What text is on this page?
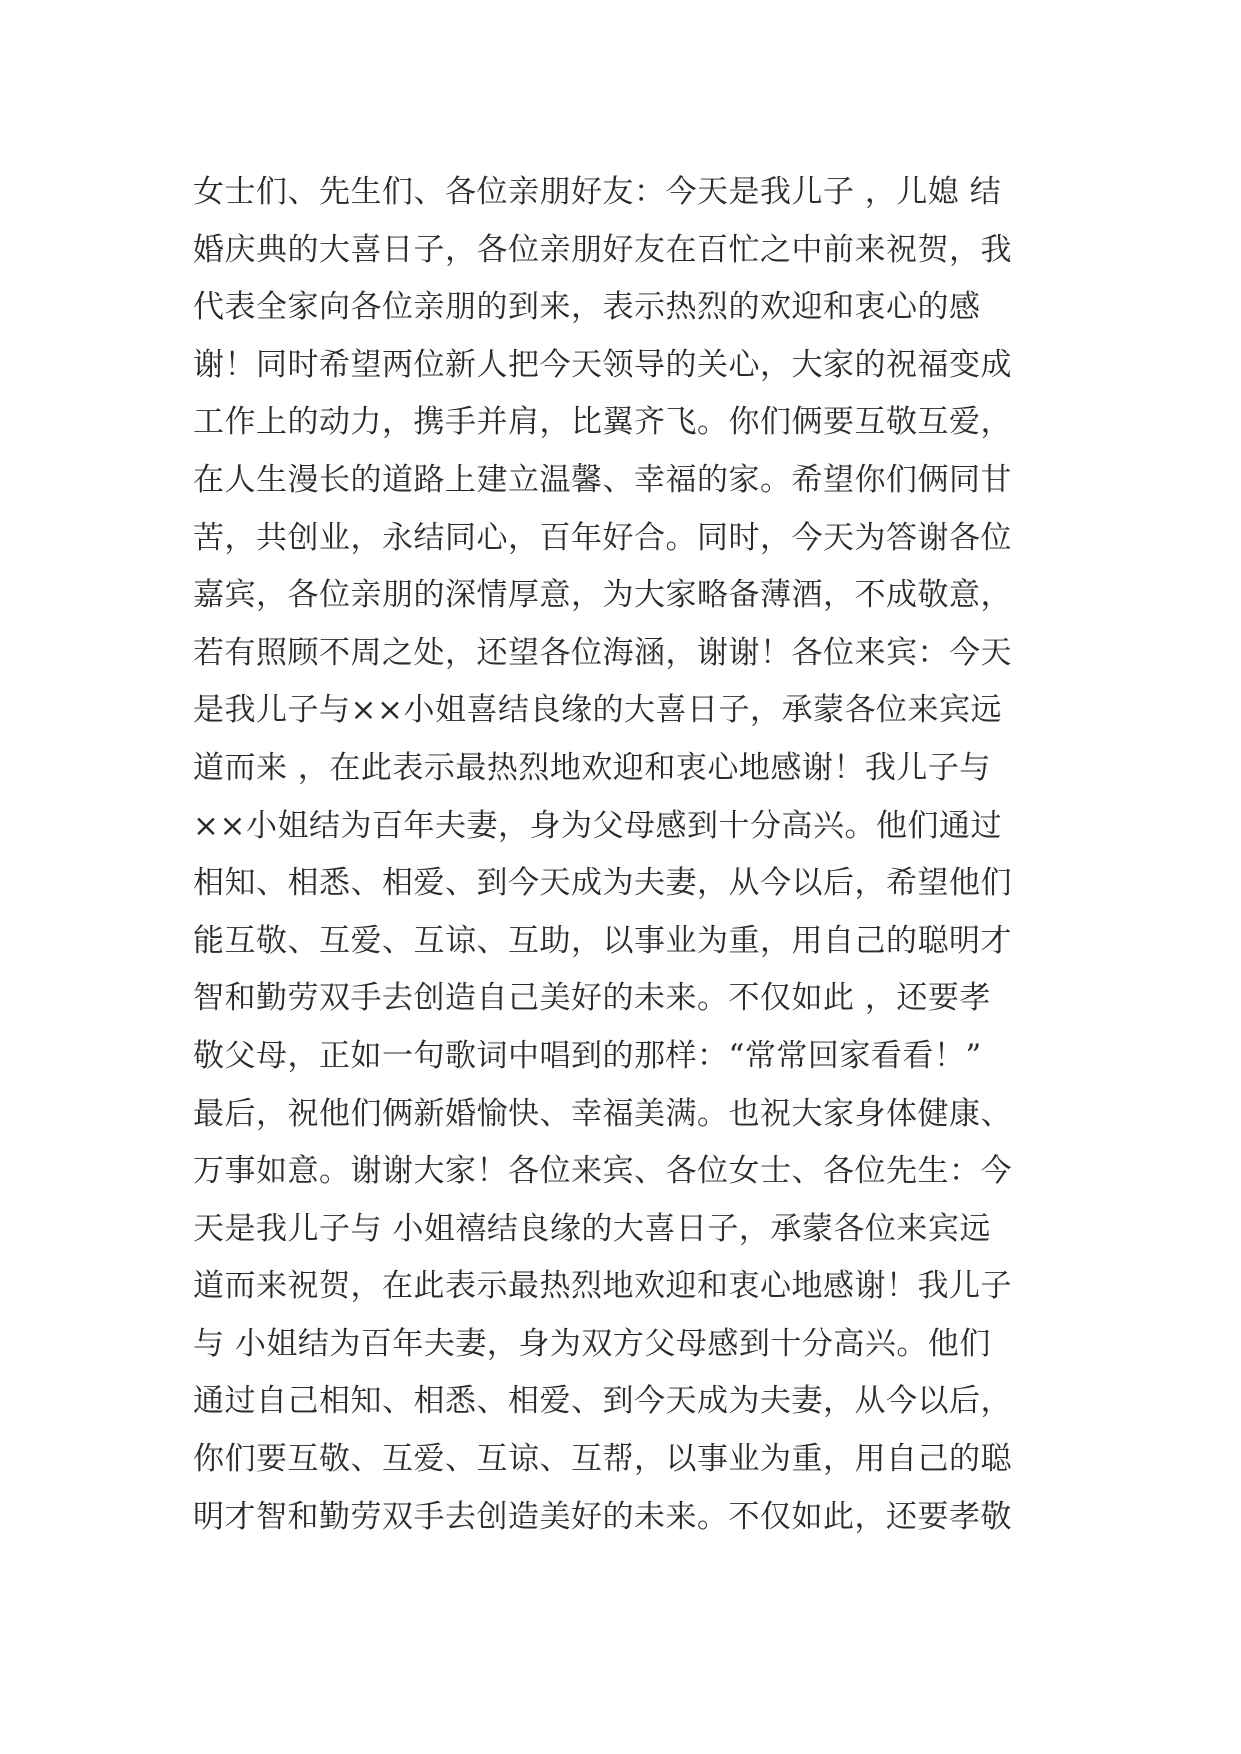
女士们、先生们、各位亲朋好友：今天是我儿子 ，儿媳 结
婚庆典的大喜日子，各位亲朋好友在百忙之中前来祝贺，我
代表全家向各位亲朋的到来，表示热烈的欢迎和衷心的感
谢！同时希望两位新人把今天领导的关心，大家的祝福变成
工作上的动力，携手并肩，比翼齐飞。你们俩要互敬互爱，
在人生漫长的道路上建立温馨、幸福的家。希望你们俩同甘
苦，共创业，永结同心，百年好合。同时，今天为答谢各位
嘉宾，各位亲朋的深情厚意，为大家略备薄酒，不成敬意，
若有照顾不周之处，还望各位海涵，谢谢！各位来宾：今天
是我儿子与××小姐喜结良缘的大喜日子，承蒙各位来宾远
道而来 ，在此表示最热烈地欢迎和衷心地感谢！我儿子与
××小姐结为百年夫妻，身为父母感到十分高兴。他们通过
相知、相悉、相爱、到今天成为夫妻，从今以后，希望他们
能互敬、互爱、互谅、互助，以事业为重，用自己的聪明才
智和勤劳双手去创造自己美好的未来。不仅如此 ，还要孝
敬父母，正如一句歌词中唱到的那样：“常常回家看看！”
最后，祝他们俩新婚愉快、幸福美满。也祝大家身体健康、
万事如意。谢谢大家！各位来宾、各位女士、各位先生：今
天是我儿子与 小姐禧结良缘的大喜日子，承蒙各位来宾远
道而来祝贺，在此表示最热烈地欢迎和衷心地感谢！我儿子
与 小姐结为百年夫妻，身为双方父母感到十分高兴。他们
通过自己相知、相悉、相爱、到今天成为夫妻，从今以后，
你们要互敬、互爱、互谅、互帮，以事业为重，用自己的聪
明才智和勤劳双手去创造美好的未来。不仅如此，还要孝敬
